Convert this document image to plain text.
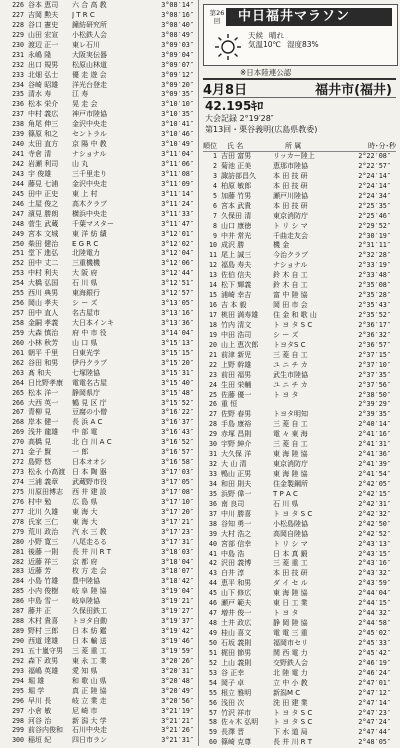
226 谷本 恵司	六 合 高 教	3°08′14″
227 吉岡 勲夫	J T R C	3°08′16″
228 谷口 憲史	鐘紡研究所	3°08′40″
229 山田 宏宣	小松鉄人会	3°08′49″
230 渡辺 正一	東レ石川	3°09′03″
231 永嶋 隆	大阪実伝器	3°09′04″
232 出口 規男	松原山林道	3°09′07″
233 北畑 弘士	優 走 遊 会	3°09′12″
234 谷崎 昭雄	洋光台登走	3°09′20″
235 清水 寿	江 寿	3°09′35″
236 松本 栄介	晃 走 会	3°10′10″
237 中村 義広	神戸市陸協	3°10′35″
238 角尾 伸三	金沢中央走	3°10′41″
239 篠原 和之	セントラル	3°10′46″
240 太田 直方	京 陽 中 教	3°10′49″
241 寺倉 清	ナショナル	3°11′04″
242 岩瀬 利司	山 丸	3°11′06″
243 宇 俊雄	三千里走り	3°11′08″
244 藤見 七浦	金沢中央走	3°11′09″
245 田中 正史	東 上 村	3°11′14″
246 土屋 俊之	高木クラブ	3°11′24″
247 濱見 勝朗	横浜中央走	3°11′33″
248 菅生 武蔵	千葉マスター	3°11′47″
249 宮本 文城	東 洋 紡 績	3°12′01″
250 柴田 健治	E G R C	3°12′02″
251 堂下 進弘	北陸電力	3°12′04″
252 田中 丈二	三重機機	3°12′06″
253 中村 利夫	大 阪 府	3°12′44″
254 大橋 弘国	石 川 県	3°12′51″
255 西川 典男	東海銀行	3°12′57″
256 岡山 孝夫	シ ー ズ	3°13′05″
257 田中 直人	名古屋市	3°13′16″
258 金嗣 孝義	大日本インキ	3°13′36″
259 大森 慎治	府 中 市 役	3°14′04″
260 小林 秋芳	山 口 県	3°15′13″
261 朝平 千里	日東光学	3°15′15″
262 谷田 和男	伊丹クラブ	3°15′20″
263 髙 和夫	七塚陸協	3°15′31″
264 日比野孝康	電電名古屋	3°15′40″
265 松本 洋一	静岡県庁	3°15′48″
266 大西 英一	鶴 見 区 庁	3°15′52″
267 青柳 見	豆腐の小僧	3°16′22″
268 岸本 健一	長 浜 A C	3°16′37″
269 浅井 龍雄	中 部 電	3°16′43″
270 高橋 見	北 白 川 A C	3°16′52″
271 金子 賢	一 郎	3°16′57″
272 島野 悠	日本オオシ	3°16′58″
273 松永 小高渡 日 本 陶 器	3°17′03″
274 三浦 義章	武蔵野市役	3°17′05″
275 川原田博志	西 井 建 設	3°17′08″
276 村中 勉	広 島 県	3°17′10″
277 北川 久雄	東 海 大	3°17′20″
278 氏家 三仁	東 海 大	3°17′21″
279 荒川 政治	汽 水 三 教	3°17′23″
280 小野 寛三	八尾走るる	3°17′31″
281 後藤 一則	長 井 川 R T	3°18′03″
282 近藤 祥三	京 都 府	3°18′04″
283 近藤 芳	枚 方 走 会	3°18′07″
284 小島 竹雄	豊中陸協	3°18′42″
285 小内 俊樹	岐 阜 陸 協	3°19′04″
286 中島 雪一	岐阜陸協	3°19′21″
287 藤井 正	久保田鉄工	3°19′27″
288 木村 貴喜	トヨタ自動	3°19′37″
289 野村 三郎	日 本 紡 鑑	3°19′42″
290 西道 達雄	日 本 輸 送	3°19′46″
291 五十嵐守男	三 菱 重 工	3°19′59″
292 森下 政男	東 永 工 業	3°20′26″
293 福嶋 英雄	愛 知 県	3°20′31″
294 堀 雄	和 歌 山 県	3°20′48″
295 堀 学	真 正 陸 協	3°20′49″
296 早川 長	岐 立 業 走	3°20′56″
297 小倉 敏	尼 崎 市	3°21′19″
298 河谷 治	新 潟 大 学	3°21′21″
299 前谷内俊和	石川中央走	3°21′26″
300 稲垣 紀	四日市ラン	3°21′31″
第26回	中日福井マラソン
天候 晴れ
気温10℃ 湿度83%
※日本陸連公認
4月8日	福井市(福井)
42.195ｷﾛ
大会記録 2°19′28″
第13回・栗谷義明(広島県教委)
順位	氏 名	所 属	時･分･秒
1 吉田 富男	リッカー陸上	2°22′08″
2 菊池 正美	恵那市陸協	2°22′57″
3 諏訪部昌久	本 田 技 研	2°24′14″
4 柏原 敏郎	本 田 技 研	2°24′14″
5 加藤 竹男	瀬戸川陸協	2°24′34″
6 宮本 武貴	本 田 技 研	2°25′35″
7 久保田 清	東京消防庁	2°25′46″
8 山口 康徳	ト リ シ マ	2°29′52″
9 中井 常光	千曲走友会	2°30′19″
10 成沢 勝	機 金	2°31′11″
11 尾上 誠三	今治クラブ	2°32′28″
12 福島 寿夫	ナショナル	2°33′19″
13 佐伯 信夫	鈴 木 自 工	2°33′48″
14 松下 輝義	鈴 木 自 工	2°35′08″
15 浦崎 幸吉	富 中 陸 協	2°35′28″
16 吉 本 毅	岡 田 市 会	2°35′43″
17 桃田 満寿雄	住 金 和 歌 山	2°35′52″
18 竹内 清文	ト ヨ タ S C	2°36′17″
19 中田 浩司	シ ー ズ	2°36′32″
20 山上 恵次郎	トヨタS C	2°36′57″
21 前津 新児	三 菱 自 工	2°37′15″
22 上野 幹雄	ユ ニ チ カ	2°37′10″
23 前田 福男	武生市陸協	2°37′35″
24 生田 栄輔	ユ ニ チ カ	2°37′56″
25 佐藤 優一	ト ヨ タ	2°38′50″
26 重 恒	2°39′29″
27 佐野 春男	トヨタ明知	2°39′35″
28 手島 康裕	三 菱 自 工	2°40′14″
29 赤塚 昌則	電 々 東 海	2°41′16″
30 宇野 紳介	三 菱 自 工	2°41′31″
31 大久保 洋	東 海 陸 協	2°41′36″
32 大 山 清	東京消防庁	2°41′39″
33 鴨山 正男	東 海 陸 協	2°41′54″
34 和田 則夫	住金製鋼所	2°42′05″
35 浜野 偉一	T P A C	2°42′15″
36 南 良司	石 川 県	2°42′31″
37 中川 勝喜	ト ヨ タ S C	2°42′32″
38 谷知 勇一	小松島陸協	2°42′50″
39 大村 浩之	高岡自陸協	2°42′52″
40 宮部 信幸	ト リ シ マ	2°43′13″
41 中島 浩	日 本 真 鍛	2°43′15″
42 沢田 義博	三 菱 重 工	2°43′16″
43 白井 淳	本 田 技 研	2°43′32″
44 恵平 和男	ダ イ セ ル	2°43′59″
45 山下 修広	東 海 陸 協	2°44′04″
46 瀬戸 範夫	東 日 工 業	2°44′15″
47 増井 俊一	ト ヨ タ	2°44′32″
48 土井 政広	静 岡 陸 協	2°44′58″
49 桂山 喜文	電 電 三 重	2°45′02″
50 石坂 義則	福岡市セリ	2°45′33″
51 梶田 節男	関 西 電 力	2°45′42″
52 上山 義則	交野鉄人会	2°46′19″
53 谷 正幸	北 陸 電 力	2°46′24″
54 岡子 卓	立 中 小 教	2°47′01″
55 根立 雅明	新潟M C	2°47′12″
56 浅田 次	洗 田 建 業	2°47′14″
57 竹沢 祥市	ト ヨ タ S C	2°47′23″
58 佐々木 弘明	ト ヨ タ S C	2°47′24″
59 長澤 晋	下 水 道 局	2°47′44″
60 篠崎 克尊	長 井 川 R T	2°48′05″
